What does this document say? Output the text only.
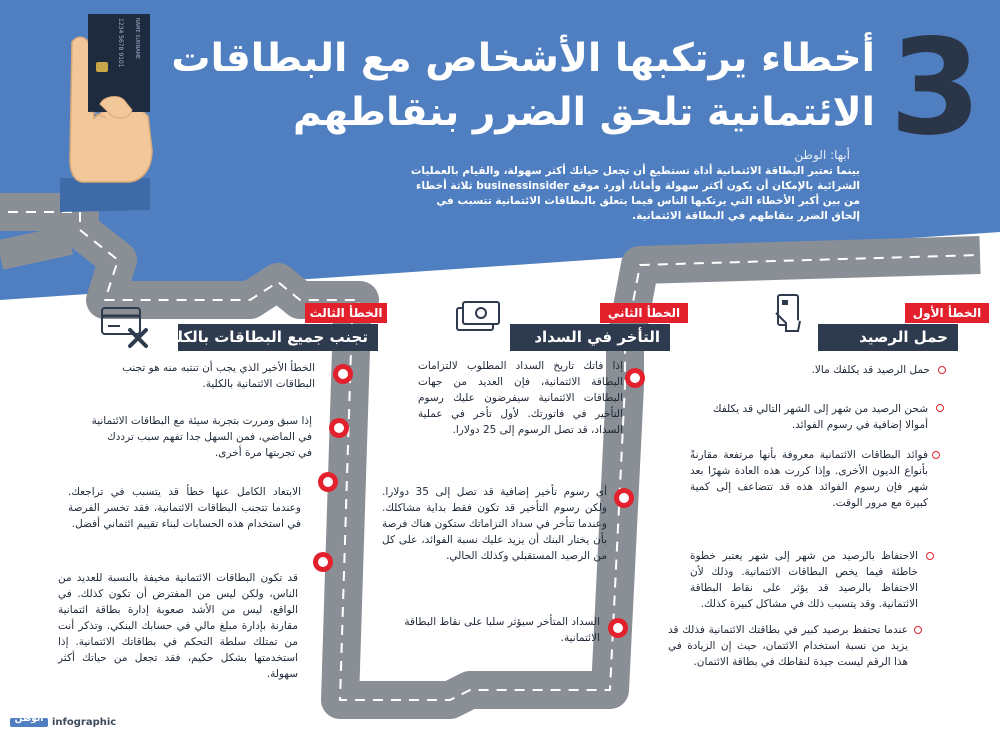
1234 5678 9101	NAME SURNAME	3
أخطاء يرتكبها الأشخاص مع البطاقات
الائتمانية تلحق الضرر بنقاطهم
أبها: الوطن
بينما تعتبر البطاقة الائتمانية أداة تستطيع أن تجعل حياتك أكثر سهولة، والقيام بالعمليات الشرائية بالإمكان أن يكون أكثر سهولة وأمانا، أورد موقع businessinsider ثلاثة أخطاء من بين أكبر الأخطاء التي يرتكبها الناس فيما يتعلق بالبطاقات الائتمانية تتسبب في إلحاق الضرر بنقاطهم في البطاقة الائتمانية.
الخطأ الأول
حمل الرصيد
حمل الرصيد قد يكلفك مالا.
شحن الرصيد من شهر إلى الشهر التالي قد يكلفك أموالا إضافية في رسوم الفوائد.
فوائد البطاقات الائتمانية معروفة بأنها مرتفعة مقارنةً بأنواع الديون الأخرى. وإذا كررت هذه العادة شهرًا بعد شهر فإن رسوم الفوائد هذه قد تتضاعف إلى كمية كبيرة مع مرور الوقت.
الاحتفاظ بالرصيد من شهر إلى شهر يعتبر خطوة خاطئة فيما يخص البطاقات الائتمانية. وذلك لأن الاحتفاظ بالرصيد قد يؤثر على نقاط البطاقة الائتمانية. وقد يتسبب ذلك في مشاكل كبيرة كذلك.
عندما تحتفظ برصيد كبير في بطاقتك الائتمانية فذلك قد يزيد من نسبة استخدام الائتمان، حيث إن الزيادة في هذا الرقم ليست جيدة لنقاطك في بطاقة الائتمان.
الخطأ الثاني
التأخر في السداد
إذا فاتك تاريخ السداد المطلوب لالتزامات البطاقة الائتمانية، فإن العديد من جهات البطاقات الائتمانية سيفرضون عليك رسوم التأخير في فاتورتك. لأول تأخر في عملية السداد، قد تصل الرسوم إلى 25 دولارا.
أي رسوم تأخير إضافية قد تصل إلى 35 دولارا. ولكن رسوم التأخير قد تكون فقط بداية مشاكلك. وعندما تتأخر في سداد التزاماتك ستكون هناك فرصة بأن يختار البنك أن يزيد عليك نسبة الفوائد، على كل من الرصيد المستقبلي وكذلك الحالي.
السداد المتأخر سيؤثر سلبا على نقاط البطاقة الائتمانية.
الخطأ الثالث
تجنب جميع البطاقات بالكلية
الخطأ الأخير الذي يجب أن تنتبه منه هو تجنب البطاقات الائتمانية بالكلية.
إذا سبق ومررت بتجربة سيئة مع البطاقات الائتمانية في الماضي، فمن السهل جدا تفهم سبب ترددك في تجربتها مرة أخرى.
الابتعاد الكامل عنها خطأ قد يتسبب في تراجعك. وعندما تتجنب البطاقات الائتمانية، فقد تخسر الفرصة في استخدام هذه الحسابات لبناء تقييم ائتماني أفضل.
قد تكون البطاقات الائتمانية مخيفة بالنسبة للعديد من الناس، ولكن ليس من المفترض أن تكون كذلك. في الواقع، ليس من الأشد صعوبة إدارة بطاقة ائتمانية مقارنة بإدارة مبلغ مالي في حسابك البنكي. وتذكر أنت من تمتلك سلطة التحكم في بطاقاتك الائتمانية. إذا استخدمتها بشكل حكيم، فقد تجعل من حياتك أكثر سهولة.
الوطن infographic
